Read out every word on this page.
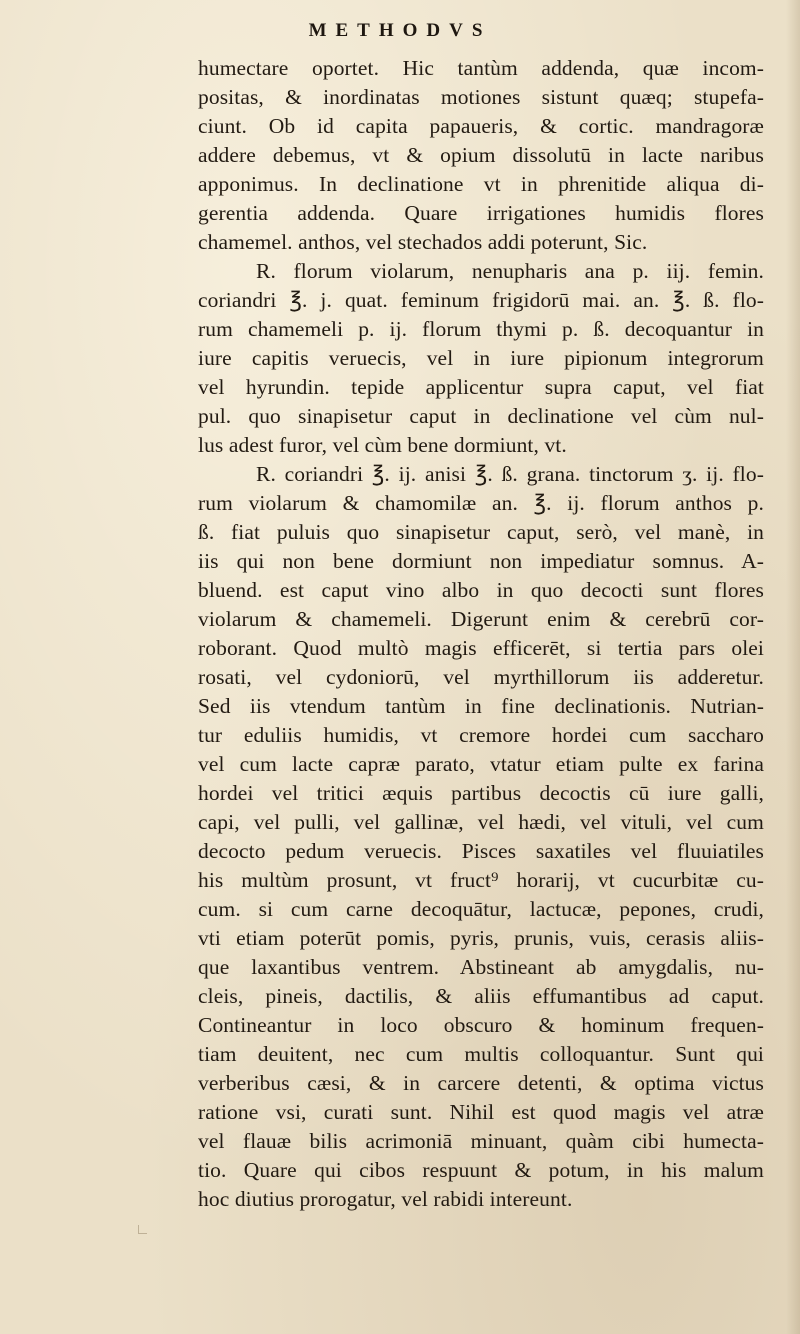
METHODVS
humectare oportet. Hic tantùm addenda, quæ incom-
positas, & inordinatas motiones sistunt quæq; stupefa-
ciunt. Ob id capita papaueris, & cortic. mandragoræ
addere debemus, vt & opium dissolutū in lacte naribus
apponimus. In declinatione vt in phrenitide aliqua di-
gerentia addenda. Quare irrigationes humidis flores
chamemel. anthos, vel stechados addi poterunt, Sic.
R. florum violarum, nenupharis ana p. iij. femin.
coriandri ℥. j. quat. feminum frigidorū mai. an. ℥. ß. flo-
rum chamemeli p. ij. florum thymi p. ß. decoquantur in
iure capitis veruecis, vel in iure pipionum integrorum
vel hyrundin. tepide applicentur supra caput, vel fiat
pul. quo sinapisetur caput in declinatione vel cùm nul-
lus adest furor, vel cùm bene dormiunt, vt.
R. coriandri ℥. ij. anisi ℥. ß. grana. tinctorum ʒ. ij. flo-
rum violarum & chamomilæ an. ℥. ij. florum anthos p.
ß. fiat puluis quo sinapisetur caput, serò, vel manè, in
iis qui non bene dormiunt non impediatur somnus. A-
bluend. est caput vino albo in quo decocti sunt flores
violarum & chamemeli. Digerunt enim & cerebrū cor-
roborant. Quod multò magis efficerēt, si tertia pars olei
rosati, vel cydoniorū, vel myrthillorum iis adderetur.
Sed iis vtendum tantùm in fine declinationis. Nutrian-
tur eduliis humidis, vt cremore hordei cum saccharo
vel cum lacte capræ parato, vtatur etiam pulte ex farina
hordei vel tritici æquis partibus decoctis cū iure galli,
capi, vel pulli, vel gallinæ, vel hædi, vel vituli, vel cum
decocto pedum veruecis. Pisces saxatiles vel fluuiatiles
his multùm prosunt, vt fruct⁹ horarij, vt cucurbitæ cu-
cum. si cum carne decoquātur, lactucæ, pepones, crudi,
vti etiam poterūt pomis, pyris, prunis, vuis, cerasis aliis-
que laxantibus ventrem. Abstineant ab amygdalis, nu-
cleis, pineis, dactilis, & aliis effumantibus ad caput.
Contineantur in loco obscuro & hominum frequen-
tiam deuitent, nec cum multis colloquantur. Sunt qui
verberibus cæsi, & in carcere detenti, & optima victus
ratione vsi, curati sunt. Nihil est quod magis vel atræ
vel flauæ bilis acrimoniā minuant, quàm cibi humecta-
tio. Quare qui cibos respuunt & potum, in his malum
hoc diutius prorogatur, vel rabidi intereunt.
